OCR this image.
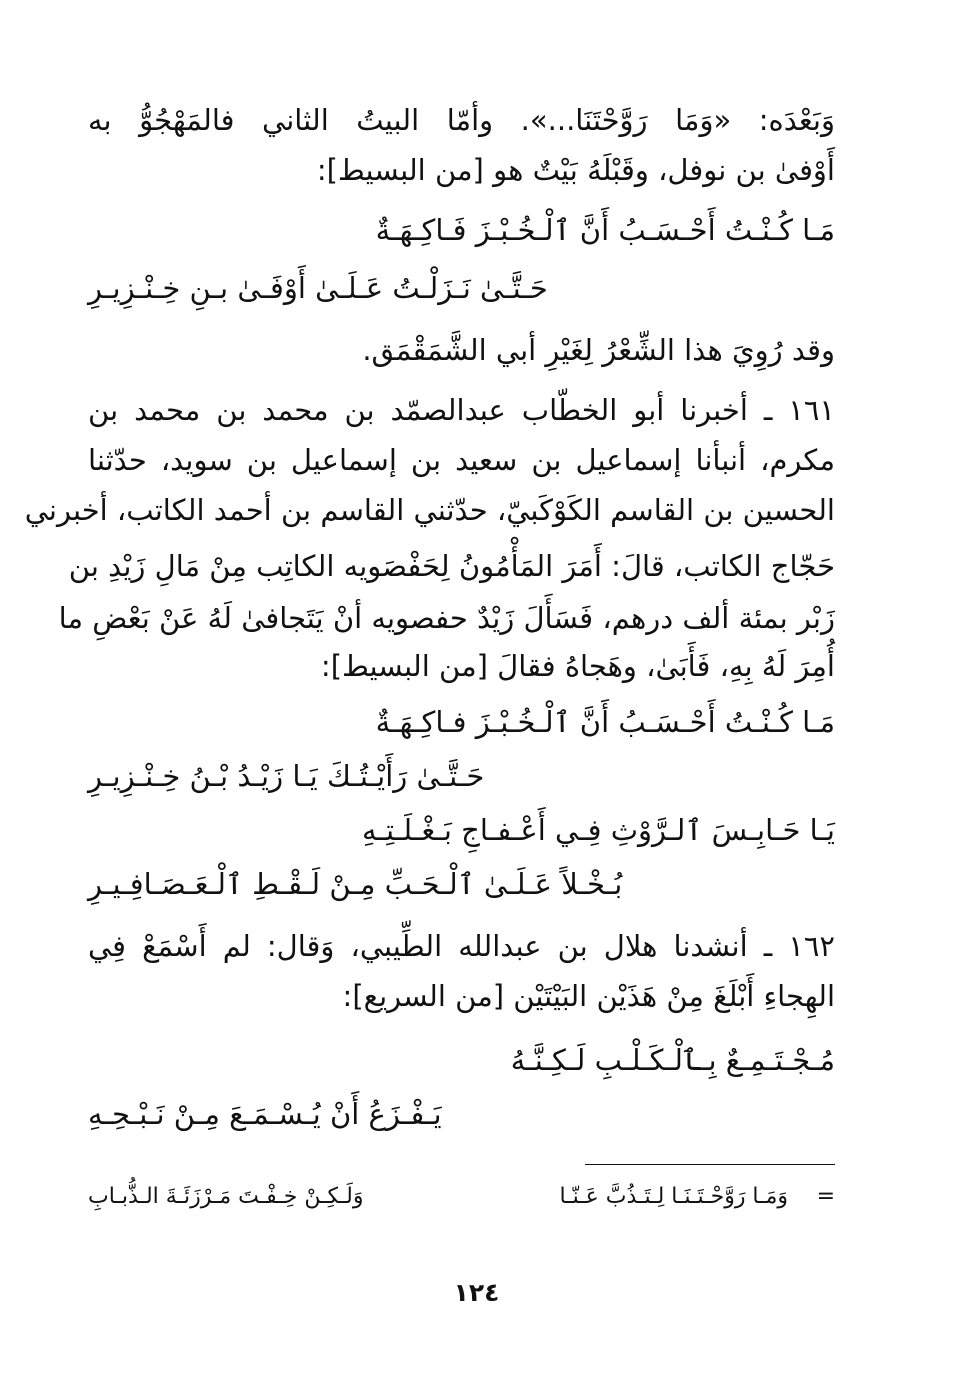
وَبَعْدَه: «وَمَا رَوَّحْتَنَا...». وأمّا البيتُ الثاني فالمَهْجُوُّ به
أَوْفىٰ بن نوفل، وقَبْلَهُ بَيْتٌ هو [من البسيط]:
مَـا كُـنْـتُ أَحْـسَـبُ أَنَّ ٱلْـخُـبْـزَ فَـاكِـهَـةٌ
حَـتَّـىٰ نَـزَلْـتُ عَـلَـىٰ أَوْفَـىٰ بـنِ خِـنْـزِيـرِ
وقد رُوِيَ هذا الشِّعْرُ لِغَيْرِ أبي الشَّمَقْمَق.
١٦١ ـ أخبرنا أبو الخطّاب عبدالصمّد بن محمد بن محمد بن
مكرم، أنبأنا إسماعيل بن سعيد بن إسماعيل بن سويد، حدّثنا
الحسين بن القاسم الكَوْكَبيّ، حدّثني القاسم بن أحمد الكاتب، أخبرني
حَجّاج الكاتب، قالَ: أَمَرَ المَأْمُونُ لِحَفْصَويه الكاتِب مِنْ مَالِ زَيْدِ بن
زَبْر بمئة ألف درهم، فَسَأَلَ زَيْدٌ حفصويه أنْ يَتَجافىٰ لَهُ عَنْ بَعْضِ ما
أُمِرَ لَهُ بِهِ، فَأَبَىٰ، وهَجاهُ فقالَ [من البسيط]:
مَـا كُـنْـتُ أَحْـسَـبُ أَنَّ ٱلْـخُـبْـزَ فـاكِـهَـةٌ
حَـتَّـىٰ رَأَيْـتُـكَ يَـا زَيْـدُ بْـنُ خِـنْـزِيـرِ
يَـا حَـابِـسَ ٱلـرَّوْثِ فِـي أَعْـفـاجِ بَـغْـلَـتِـهِ
بُـخْـلاً عَـلَـىٰ ٱلْـحَـبِّ مِـنْ لَـقْـطِ ٱلْـعَـصَـافِـيـرِ
١٦٢ ـ أنشدنا هلال بن عبدالله الطِّيبي، وَقال: لم أَسْمَعْ فِي
الهِجاءِ أَبْلَغَ مِنْ هَذَيْن البَيْتَيْن [من السريع]:
مُـجْـتَـمِـعٌ بِـٱلْـكَـلْـبِ لَـكِـنَّـهُ
يَـفْـزَعُ أَنْ يُـسْـمَـعَ مِـنْ نَـبْـحِـهِ
=
وَمَـا رَوَّحْـتَـنَـا لِـتَـذُبَّ عَـنّـا
وَلَـكِـنْ خِـفْـتَ مَـرْزَئَـةَ الـذُّبـابِ
١٢٤
